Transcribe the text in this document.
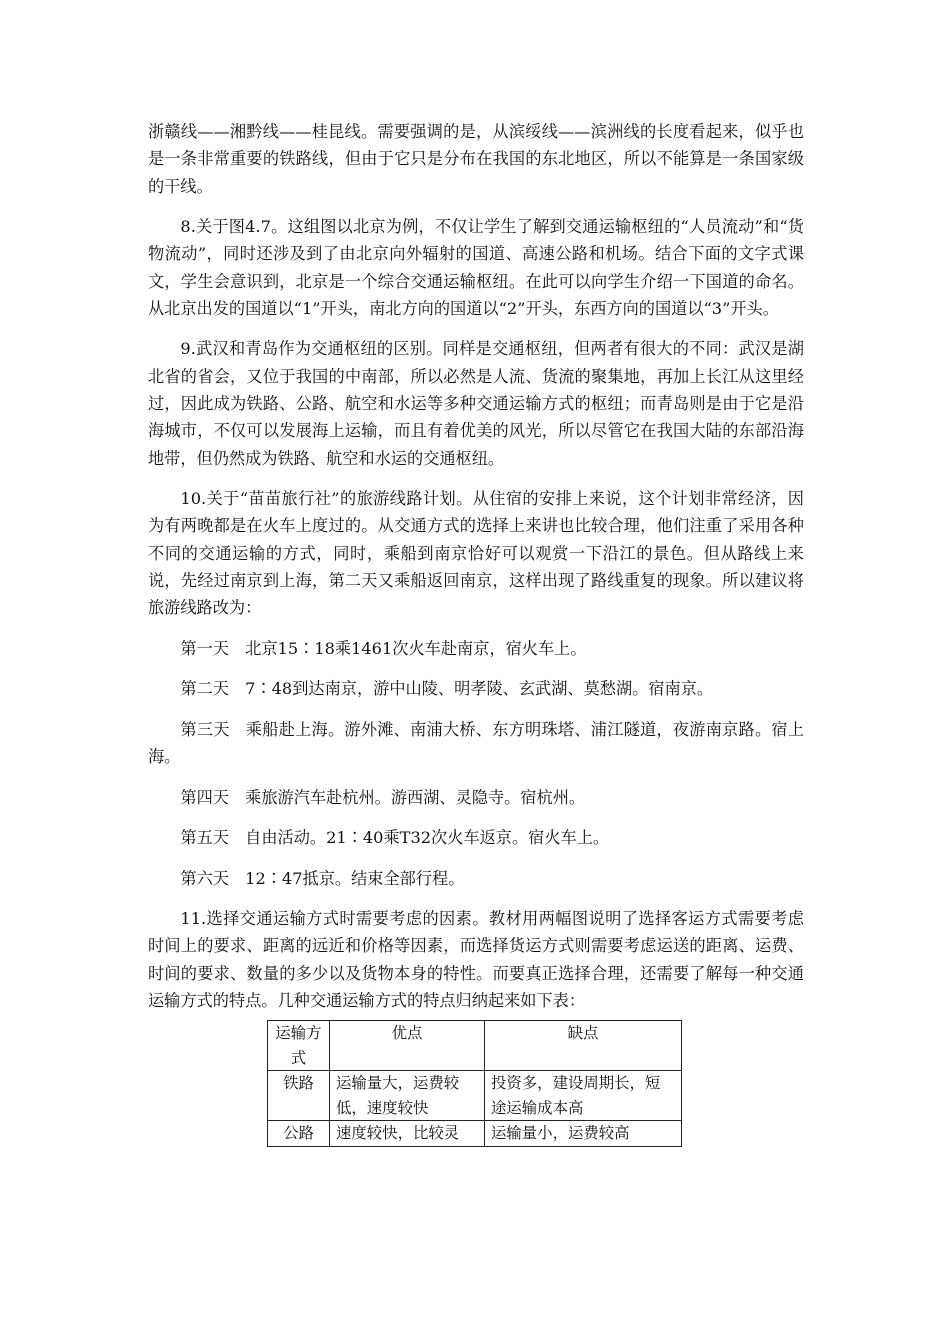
浙赣线——湘黔线——桂昆线。需要强调的是，从滨绥线——滨洲线的长度看起来，似乎也是一条非常重要的铁路线，但由于它只是分布在我国的东北地区，所以不能算是一条国家级的干线。

8.关于图4.7。这组图以北京为例，不仅让学生了解到交通运输枢纽的“人员流动”和“货物流动”，同时还涉及到了由北京向外辐射的国道、高速公路和机场。结合下面的文字式课文，学生会意识到，北京是一个综合交通运输枢纽。在此可以向学生介绍一下国道的命名。从北京出发的国道以“1”开头，南北方向的国道以“2”开头，东西方向的国道以“3”开头。

9.武汉和青岛作为交通枢纽的区别。同样是交通枢纽，但两者有很大的不同：武汉是湖北省的省会，又位于我国的中南部，所以必然是人流、货流的聚集地，再加上长江从这里经过，因此成为铁路、公路、航空和水运等多种交通运输方式的枢纽；而青岛则是由于它是沿海城市，不仅可以发展海上运输，而且有着优美的风光，所以尽管它在我国大陆的东部沿海地带，但仍然成为铁路、航空和水运的交通枢纽。

10.关于“苗苗旅行社”的旅游线路计划。从住宿的安排上来说，这个计划非常经济，因为有两晚都是在火车上度过的。从交通方式的选择上来讲也比较合理，他们注重了采用各种不同的交通运输的方式，同时，乘船到南京恰好可以观赏一下沿江的景色。但从路线上来说，先经过南京到上海，第二天又乘船返回南京，这样出现了路线重复的现象。所以建议将旅游线路改为：

第一天 北京15∶18乘1461次火车赴南京，宿火车上。

第二天 7∶48到达南京，游中山陵、明孝陵、玄武湖、莫愁湖。宿南京。

第三天 乘船赴上海。游外滩、南浦大桥、东方明珠塔、浦江隧道，夜游南京路。宿上海。

第四天 乘旅游汽车赴杭州。游西湖、灵隐寺。宿杭州。

第五天 自由活动。21∶40乘T32次火车返京。宿火车上。

第六天 12∶47抵京。结束全部行程。

11.选择交通运输方式时需要考虑的因素。教材用两幅图说明了选择客运方式需要考虑时间上的要求、距离的远近和价格等因素，而选择货运方式则需要考虑运送的距离、运费、时间的要求、数量的多少以及货物本身的特性。而要真正选择合理，还需要了解每一种交通运输方式的特点。几种交通运输方式的特点归纳起来如下表：

运输方式	优点	缺点
铁路	运输量大，运费较低，速度较快	投资多，建设周期长，短途运输成本高
公路	速度较快，比较灵	运输量小，运费较高
